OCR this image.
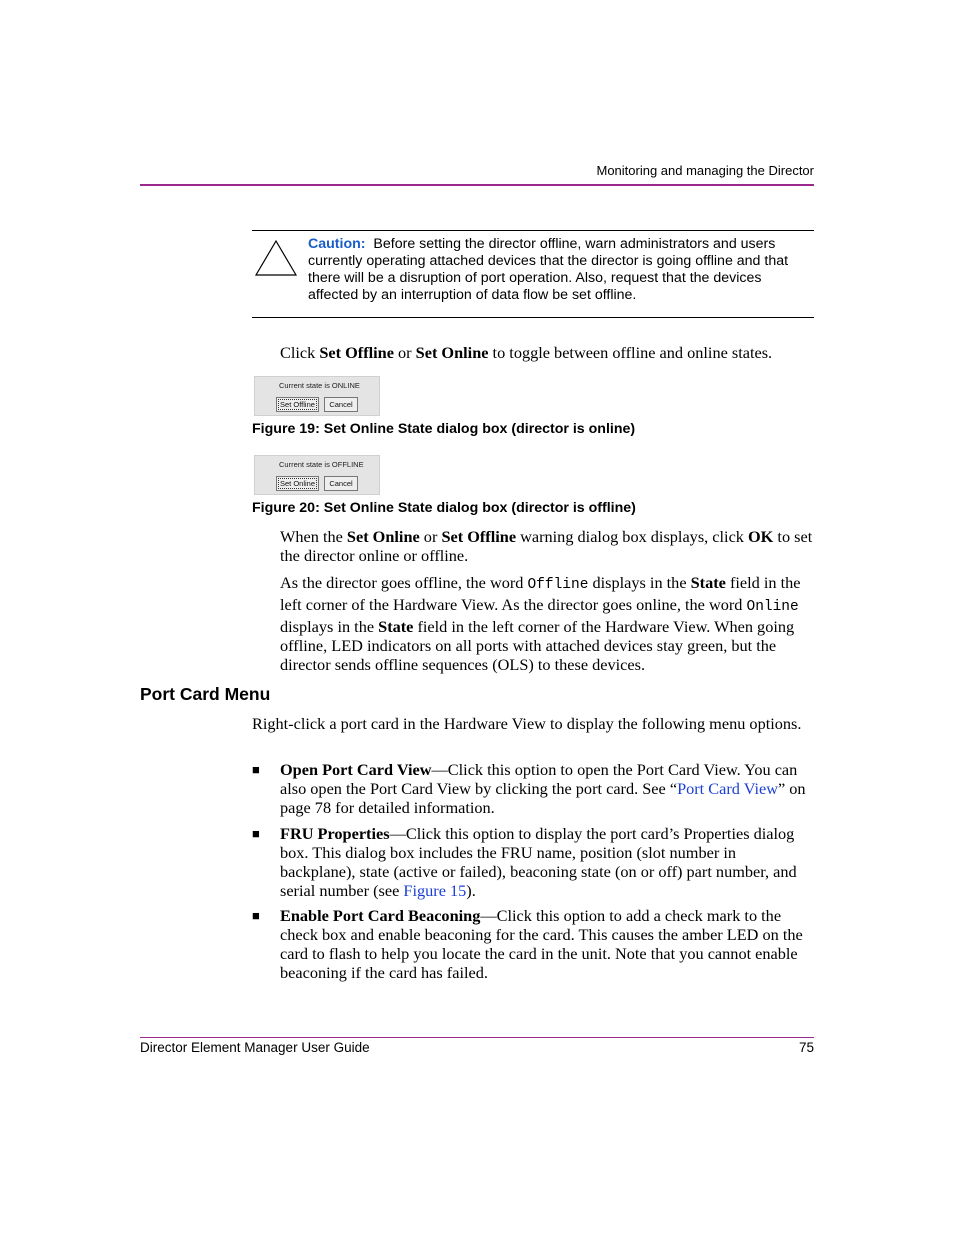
Monitoring and managing the Director
Caution: Before setting the director offline, warn administrators and users currently operating attached devices that the director is going offline and that there will be a disruption of port operation. Also, request that the devices affected by an interruption of data flow be set offline.
Click Set Offline or Set Online to toggle between offline and online states.
Current state is ONLINE
Set Offline	Cancel
Figure 19: Set Online State dialog box (director is online)
Current state is OFFLINE
Set Online	Cancel
Figure 20: Set Online State dialog box (director is offline)
When the Set Online or Set Offline warning dialog box displays, click OK to set the director online or offline.
As the director goes offline, the word Offline displays in the State field in the left corner of the Hardware View. As the director goes online, the word Online displays in the State field in the left corner of the Hardware View. When going offline, LED indicators on all ports with attached devices stay green, but the director sends offline sequences (OLS) to these devices.
Port Card Menu
Right-click a port card in the Hardware View to display the following menu options.
■ Open Port Card View—Click this option to open the Port Card View. You can also open the Port Card View by clicking the port card. See “Port Card View” on page 78 for detailed information.
■ FRU Properties—Click this option to display the port card’s Properties dialog box. This dialog box includes the FRU name, position (slot number in backplane), state (active or failed), beaconing state (on or off) part number, and serial number (see Figure 15).
■ Enable Port Card Beaconing—Click this option to add a check mark to the check box and enable beaconing for the card. This causes the amber LED on the card to flash to help you locate the card in the unit. Note that you cannot enable beaconing if the card has failed.
Director Element Manager User Guide	75
